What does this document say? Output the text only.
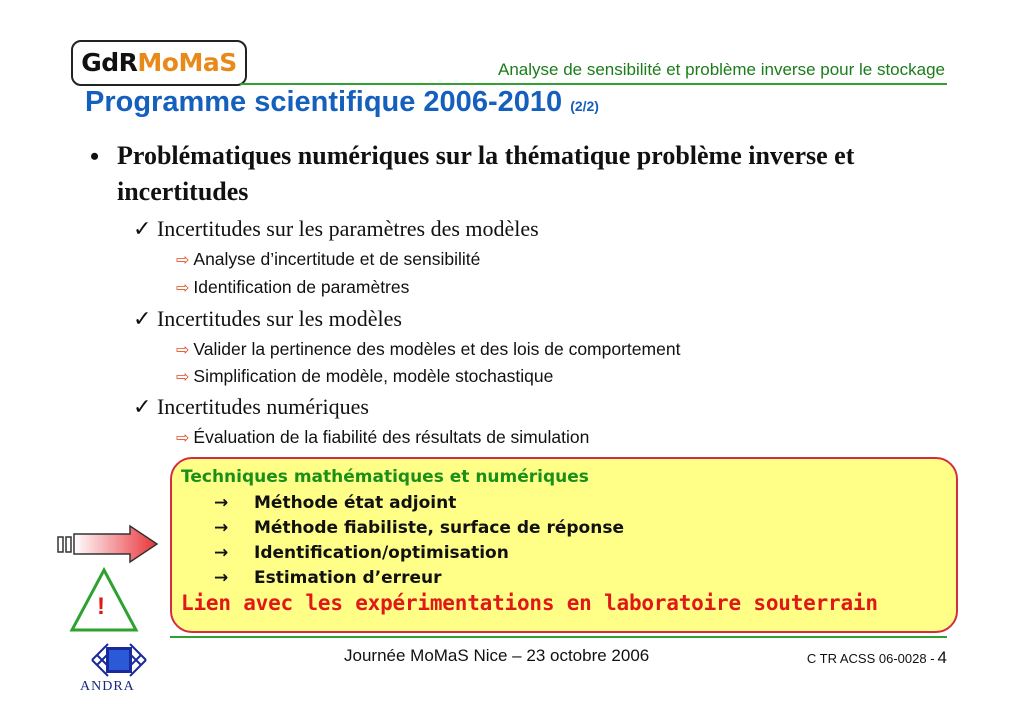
GdRMoMaS	Analyse de sensibilité et problème inverse pour le stockage
Programme scientifique 2006-2010 (2/2)
• Problématiques numériques sur la thématique problème inverse et incertitudes
✓ Incertitudes sur les paramètres des modèles
⇨ Analyse d’incertitude et de sensibilité
⇨ Identification de paramètres
✓ Incertitudes sur les modèles
⇨ Valider la pertinence des modèles et des lois de comportement
⇨ Simplification de modèle, modèle stochastique
✓ Incertitudes numériques
⇨ Évaluation de la fiabilité des résultats de simulation
!
Techniques mathématiques et numériques
→ Méthode état adjoint
→ Méthode fiabiliste, surface de réponse
→ Identification/optimisation
→ Estimation d’erreur
Lien avec les expérimentations en laboratoire souterrain
ANDRA
Journée MoMaS Nice – 23 octobre 2006	C TR ACSS 06-0028 - 4
